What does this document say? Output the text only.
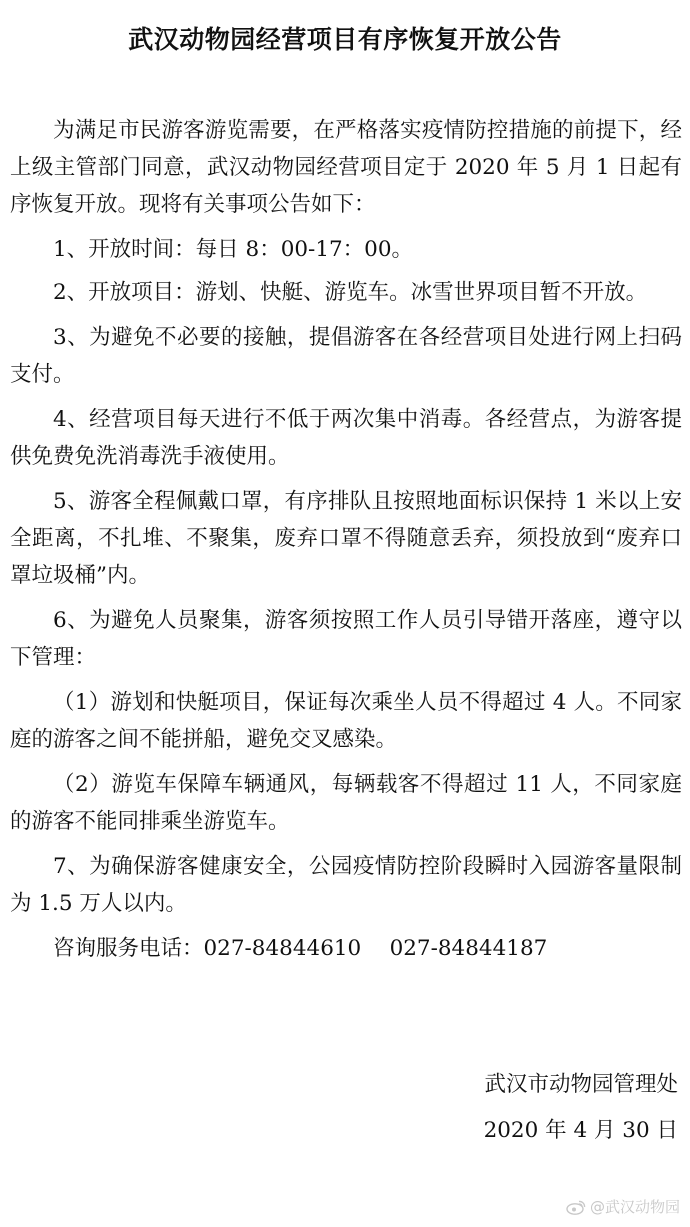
武汉动物园经营项目有序恢复开放公告

为满足市民游客游览需要，在严格落实疫情防控措施的前提下，经上级主管部门同意，武汉动物园经营项目定于 2020 年 5 月 1 日起有序恢复开放。现将有关事项公告如下：

1、开放时间：每日 8：00-17：00。

2、开放项目：游划、快艇、游览车。冰雪世界项目暂不开放。

3、为避免不必要的接触，提倡游客在各经营项目处进行网上扫码支付。

4、经营项目每天进行不低于两次集中消毒。各经营点，为游客提供免费免洗消毒洗手液使用。

5、游客全程佩戴口罩，有序排队且按照地面标识保持 1 米以上安全距离，不扎堆、不聚集，废弃口罩不得随意丢弃，须投放到“废弃口罩垃圾桶”内。

6、为避免人员聚集，游客须按照工作人员引导错开落座，遵守以下管理：

（1）游划和快艇项目，保证每次乘坐人员不得超过 4 人。不同家庭的游客之间不能拼船，避免交叉感染。

（2）游览车保障车辆通风，每辆载客不得超过 11 人，不同家庭的游客不能同排乘坐游览车。

7、为确保游客健康安全，公园疫情防控阶段瞬时入园游客量限制为 1.5 万人以内。

咨询服务电话：027-84844610　 027-84844187

武汉市动物园管理处
2020 年 4 月 30 日
@武汉动物园
